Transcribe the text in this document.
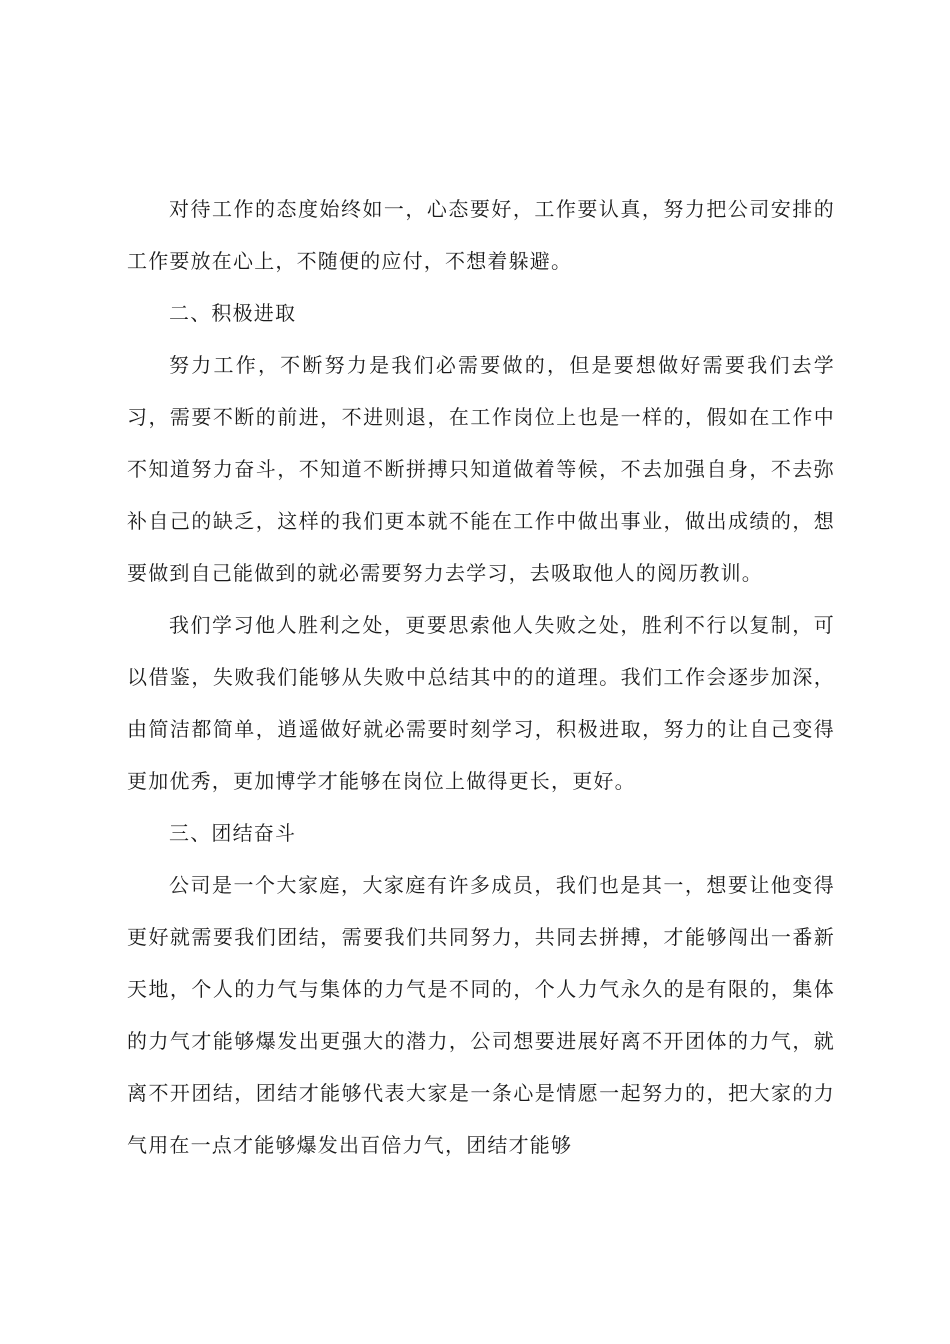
对待工作的态度始终如一，心态要好，工作要认真，努力把公司安排的工作要放在心上，不随便的应付，不想着躲避。

二、积极进取

努力工作，不断努力是我们必需要做的，但是要想做好需要我们去学习，需要不断的前进，不进则退，在工作岗位上也是一样的，假如在工作中不知道努力奋斗，不知道不断拼搏只知道做着等候，不去加强自身，不去弥补自己的缺乏，这样的我们更本就不能在工作中做出事业，做出成绩的，想要做到自己能做到的就必需要努力去学习，去吸取他人的阅历教训。

我们学习他人胜利之处，更要思索他人失败之处，胜利不行以复制，可以借鉴，失败我们能够从失败中总结其中的的道理。我们工作会逐步加深，由简洁都简单，逍遥做好就必需要时刻学习，积极进取，努力的让自己变得更加优秀，更加博学才能够在岗位上做得更长，更好。

三、团结奋斗

公司是一个大家庭，大家庭有许多成员，我们也是其一，想要让他变得更好就需要我们团结，需要我们共同努力，共同去拼搏，才能够闯出一番新天地，个人的力气与集体的力气是不同的，个人力气永久的是有限的，集体的力气才能够爆发出更强大的潜力，公司想要进展好离不开团体的力气，就离不开团结，团结才能够代表大家是一条心是情愿一起努力的，把大家的力气用在一点才能够爆发出百倍力气，团结才能够
